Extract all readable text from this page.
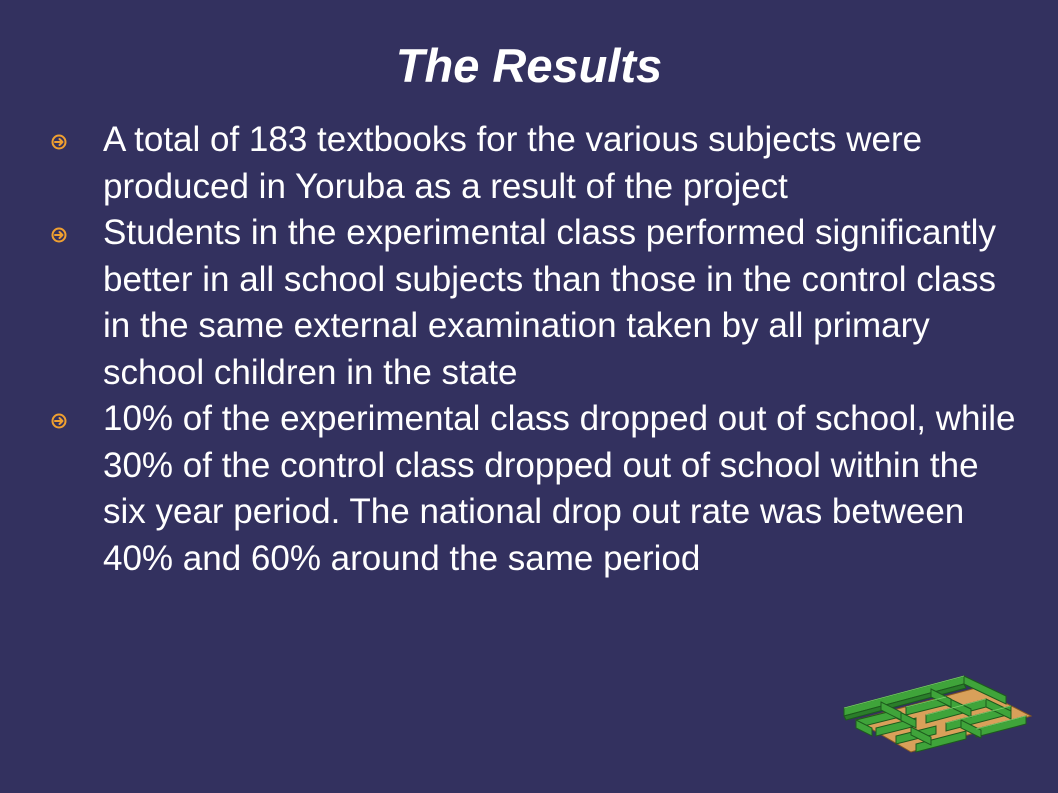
The Results
A total of 183 textbooks for the various subjects were produced in Yoruba as a result of the project
Students in the experimental class performed significantly better in all school subjects than those in the control class in the same external examination taken by all primary school children in the state
10% of the experimental class dropped out of school, while 30% of the control class dropped out of school within the six year period. The national drop out rate was between 40% and 60% around the same period
